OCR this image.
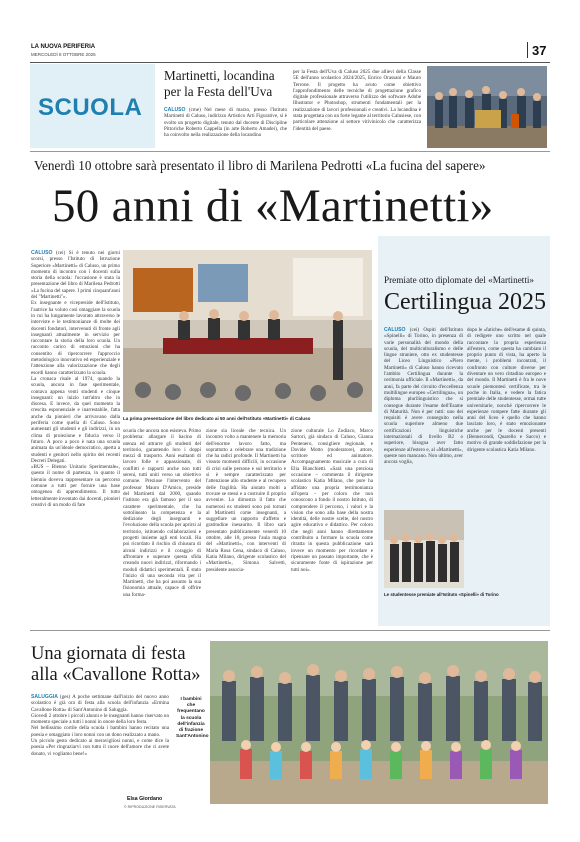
LA NUOVA PERIFERIA
MERCOLEDÌ 8 OTTOBRE 2025	37
SCUOLA
Martinetti, locandina
per la Festa dell'Uva

CALUSO (cme) Nel mese di marzo, presso l'Istituto Martinetti di Caluso, indirizzo Artistico Arti Figurative, si è svolto un progetto digitale, tenuto dal docente di Discipline Pittoriche Roberto Cappella (in arte Roberto Amadei), che ha coinvolto nella realizzazione della locandina

per la Festa dell'Uva di Caluso 2025 due allievi della Classe 5E dell'anno scolastico 2024/2025, Enrico Orassani e Mauro Terrone. Il progetto ha avuto come obiettivo l'approfondimento delle tecniche di progettazione grafico digitale professionale attraverso l'utilizzo dei software Adobe Illustrator e Photoshop, strumenti fondamentali per la realizzazione di lavori professionali e creativi. La locandina è stata progettata con un forte legame al territorio Calusiese, con particolare attenzione al settore vitivinicolo che caratterizza l'identità del paese.

Venerdì 10 ottobre sarà presentato il libro di Marilena Pedrotti «La fucina del sapere»
50 anni di «Martinetti»

CALUSO (cei) Si è tenuto nei giorni scorsi, presso l'Istituto di Istruzione Superiore «Martinetti» di Caluso, un primo momento di incontro con i docenti sulla storia della scuola: l'occasione è stata la presentazione del libro di Marilena Pedrotti «La fucina del sapere. I primi cinquant'anni del "Martinetti"».

Ex insegnante e vicepreside dell'Istituto, l'autrice ha voluto così omaggiare la scuola in cui ha lungamente lavorato attraverso le interviste e le testimonianze di molte dei docenti fondatori, intervenuti di fronte agli insegnanti attualmente in servizio per raccontare la storia della loro scuola. Un racconto carico di emozioni che ha consentito di ripercorrere l'approccio metodologico innovativo ed esperienziale e l'attenzione alla valorizzazione che degli esordi hanno caratterizzato la scuola.

La cronaca risale al 1974, quando la scuola, ancora in fase sperimentale, contava appena venti studenti e cinque insegnanti: un inizio tutt'altro che in discesa. E invece, da quel momento la crescita esponenziale e inarrestabile, fatta anche da pionieri che arrivavano dalla periferia come quella di Caluso. Sono aumentati gli studenti e gli indirizzi, in un clima di proiezione e fiducia verso il futuro. A poco a poco è nata una scuola animata da un'ideale democratico, aperta a studenti e genitori nello spirito dei recenti Decreti Delegati.

«BUS – Bienno Unitario Sperimentale», questo il nome di partenza, in quanto il biennio doveva rappresentare un percorso comune a tutti per fornire una base omogenea di apprendimento. Il tutto letteralmente inventato dai docenti, pionieri creativi di un modo di fare

La prima presentazione del libro dedicato ai 50 anni dell'Istituto «Martinetti» di Caluso

scuola che ancora non esisteva. Primo problema: allargare il bacino di utenza ed attrarre gli studenti del territorio, garantendo loro i doppi mezzi di trasporto. Anni esaltanti di lavoro folle e appassionato, di conflitti e rapporti anche non tutti sereni, tutti uniti verso un obiettivo comune. Preziose l'intervento del professor Mauro D'Amico, preside del Martinetti dal 2000, quando l'istituto era già famoso per il suo carattere sperimentale, che ha sottolineato la competenza e la dedizione degli insegnanti e l'evoluzione della scuola per aprirsi al territorio, istituendo collaborazioni e progetti insieme agli enti locali. Ha poi ricordato il rischio di chiusura di alcuni indirizzi e il coraggio di affrontare e superare questa sfida creando nuovi indirizzi, riformando i moduli didattici sperimentali. È stato l'inizio di una seconda vita per il Martinetti, che ha poi assunto la sua fisionomia attuale, capace di offrire una forma-

zione sia liceale che tecnica. Un incontro volto a mantenere la memoria dell'enorme lavoro fatto, ma soprattutto a celebrare una tradizione che ha radici profonde. Il Martinetti ha vissuto momenti difficili, in occasione di crisi sulle persone e sul territorio e si è sempre caratterizzato per l'attenzione allo studente e al recupero delle fragilità. Ha aiutato molti a trovare se stessi e a costruire il proprio avvenire. Lo dimostra il fatto che numerosi ex studenti sono poi tornati al Martinetti come insegnanti, a suggellare un rapporto d'affetto e gratitudine inesaurito. Il libro sarà presentato pubblicamente venerdì 10 ottobre, alle 18, presso l'aula magna del «Martinetti», con interventi di Maria Rosa Cena, sindaco di Caluso, Katia Milano, dirigente scolastico del «Martinetti», Simona Salvetti, presidente associa-

zione culturale Lo Zodiaco, Marco Sartori, già sindaco di Caluso, Gianna Pentenero, consigliere regionale, e Davide Motto (moderatore), attore, scrittore ed animatore. Accompagnamento musicale a cura di Elia Bianchietti. «Sarà una preziosa occasione – commenta il dirigente scolastico Katia Milano, che pure ha affidato una propria testimonianza all'opera – per coloro che non conoscono a fondo il nostro Istituto, di comprendere il percorso, i valori e la vision che sono alla base della nostra identità, delle nostre scelte, del nostro agire educativo e didattico. Per coloro che negli anni hanno direttamente contribuito a formare la scuola come ritratta in questa pubblicazione sarà invece un momento per ricordare e ripensare un passato importante, che è sicuramente fonte di ispirazione per tutti noi».

Premiate otto diplomate del «Martinetti»
Certilingua 2025

CALUSO (cei) Ospiti dell'Istituto «Spinelli» di Torino, in presenza di varie personalità del mondo della scuola, del multiculturalismo e delle lingue straniere, otto ex studentesse del Liceo Linguistico «Piero Martinetti» di Caluso hanno ricevuto l'ambito Certilingua durante la cerimonia ufficiale. Il «Martinetti», da anni, fa parte del circuito d'eccellenza multilingue europeo «Certilingua», un diploma plurilinguistico che si consegue durante l'esame dell'Esame di Maturità. Non è per tutti: uno dei requisiti è avere conseguito nella scuola superiore almeno due certificazioni linguistiche internazionali di livello B2 o superiore, bisogna aver fatto esperienze all'estero e, al «Martinetti», queste non mancano. Non ultimo, aver ancora voglia,

dopo le «fatiche» dell'esame di quinta, di redigere uno scritto nel quale raccontare la propria esperienza all'estero, come questa ha cambiato il proprio punto di vista, ha aperto la mente, i problemi incontrati, il confronto con culture diverse per diventare un vero cittadino europeo e del mondo. Il Martinetti è fra le nove scuole piemontesi certificate, tra le poche in Italia, e vedere la fatica premiale delle studentesse, ormai tutte universitarie, nonché ripercorrere le esperienze rompere fatte durante gli anni del liceo è quello che hanno lasciato loro, è stato emozionante anche per le docenti presenti (Bennecondi, Quarello e Sacco) e motivo di grande soddisfazione per la dirigente scolastica Katia Milano.

Le studentesse premiate all'Istituto «Spinelli» di Torino
Una giornata di festa
alla «Cavallone Rotta»

SALUGGIA (ges) A poche settimane dall'inizio del nuovo anno scolastico è già ora di festa alla scuola dell'infanzia «Ermina Cavallone Rotta» di Sant'Antonino di Saluggia.

Giovedì 2 ottobre i piccoli alunni e le insegnanti hanno riservato un momento speciale a tutti i nonni in onore della loro festa.

Nel bellissimo cortile della scuola i bambini hanno recitato una poesia e omaggiato i loro nonni con un dono realizzato a mano.

Un piccolo gesto dedicato ai meravigliosi nonni, e come dice la poesia «Per ringraziarvi con tutto il cuore dell'amore che ci avete donato, vi vogliamo bene!»

Elsa Giordano
© RIPRODUZIONE RISERVATA
I bambini che frequentano la scuola dell'infanzia di frazione Sant'Antonino
